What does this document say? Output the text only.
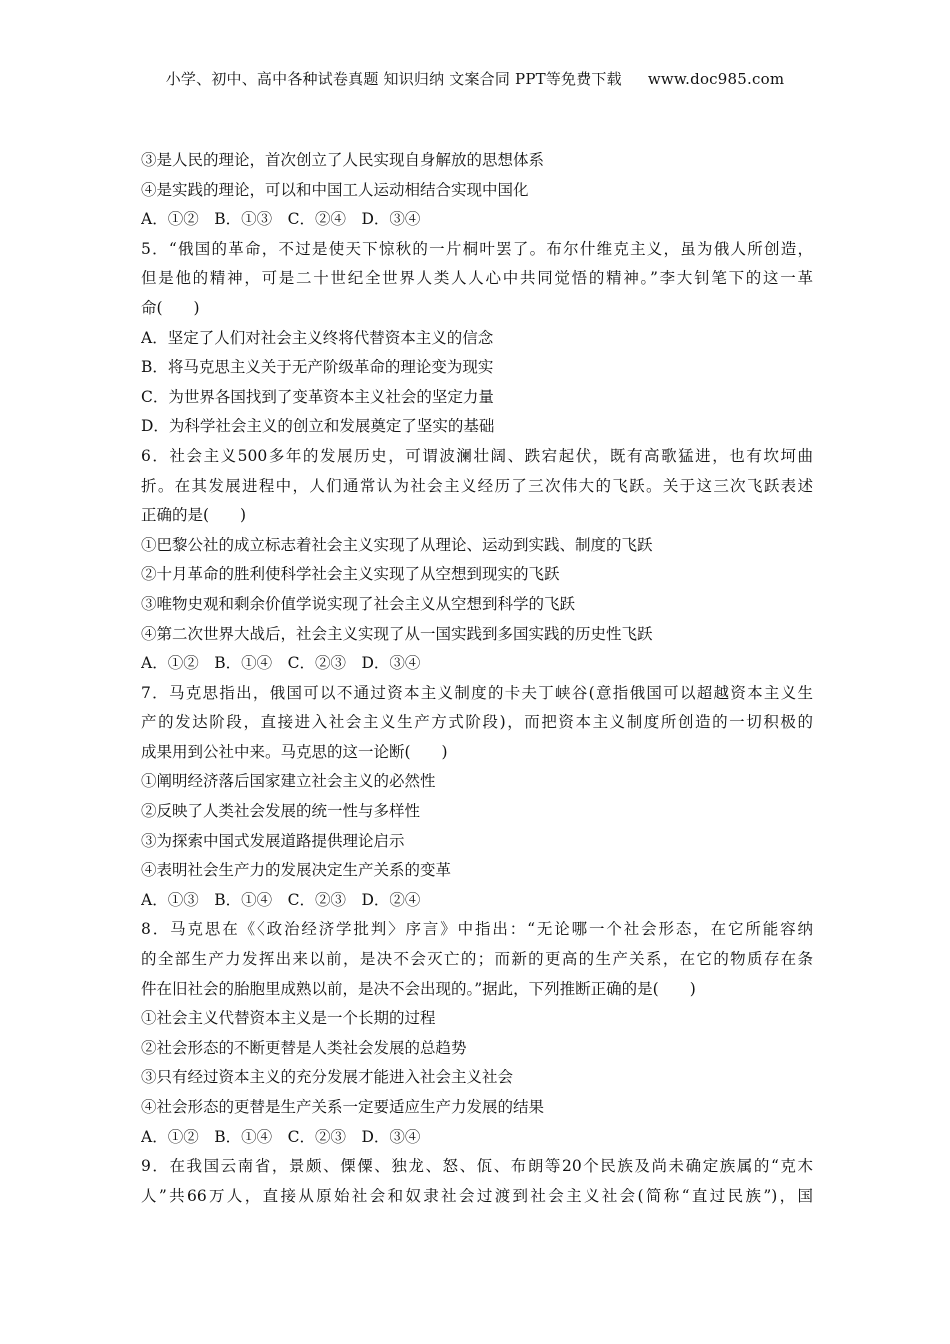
小学、初中、高中各种试卷真题 知识归纳 文案合同 PPT等免费下载 www.doc985.com
③是人民的理论，首次创立了人民实现自身解放的思想体系
④是实践的理论，可以和中国工人运动相结合实现中国化
A．①②　B．①③　C．②④　D．③④
5．“俄国的革命，不过是使天下惊秋的一片桐叶罢了。布尔什维克主义，虽为俄人所创造，
但是他的精神，可是二十世纪全世界人类人人心中共同觉悟的精神。”李大钊笔下的这一革
命(　　)
A．坚定了人们对社会主义终将代替资本主义的信念
B．将马克思主义关于无产阶级革命的理论变为现实
C．为世界各国找到了变革资本主义社会的坚定力量
D．为科学社会主义的创立和发展奠定了坚实的基础
6．社会主义500多年的发展历史，可谓波澜壮阔、跌宕起伏，既有高歌猛进，也有坎坷曲
折。在其发展进程中，人们通常认为社会主义经历了三次伟大的飞跃。关于这三次飞跃表述
正确的是(　　)
①巴黎公社的成立标志着社会主义实现了从理论、运动到实践、制度的飞跃
②十月革命的胜利使科学社会主义实现了从空想到现实的飞跃
③唯物史观和剩余价值学说实现了社会主义从空想到科学的飞跃
④第二次世界大战后，社会主义实现了从一国实践到多国实践的历史性飞跃
A．①②　B．①④　C．②③　D．③④
7．马克思指出，俄国可以不通过资本主义制度的卡夫丁峡谷(意指俄国可以超越资本主义生
产的发达阶段，直接进入社会主义生产方式阶段)，而把资本主义制度所创造的一切积极的
成果用到公社中来。马克思的这一论断(　　)
①阐明经济落后国家建立社会主义的必然性
②反映了人类社会发展的统一性与多样性
③为探索中国式发展道路提供理论启示
④表明社会生产力的发展决定生产关系的变革
A．①③　B．①④　C．②③　D．②④
8．马克思在《〈政治经济学批判〉序言》中指出：“无论哪一个社会形态，在它所能容纳
的全部生产力发挥出来以前，是决不会灭亡的；而新的更高的生产关系，在它的物质存在条
件在旧社会的胎胞里成熟以前，是决不会出现的。”据此，下列推断正确的是(　　)
①社会主义代替资本主义是一个长期的过程
②社会形态的不断更替是人类社会发展的总趋势
③只有经过资本主义的充分发展才能进入社会主义社会
④社会形态的更替是生产关系一定要适应生产力发展的结果
A．①②　B．①④　C．②③　D．③④
9．在我国云南省，景颇、傈僳、独龙、怒、佤、布朗等20个民族及尚未确定族属的“克木
人”共66万人，直接从原始社会和奴隶社会过渡到社会主义社会(简称“直过民族”)，国
